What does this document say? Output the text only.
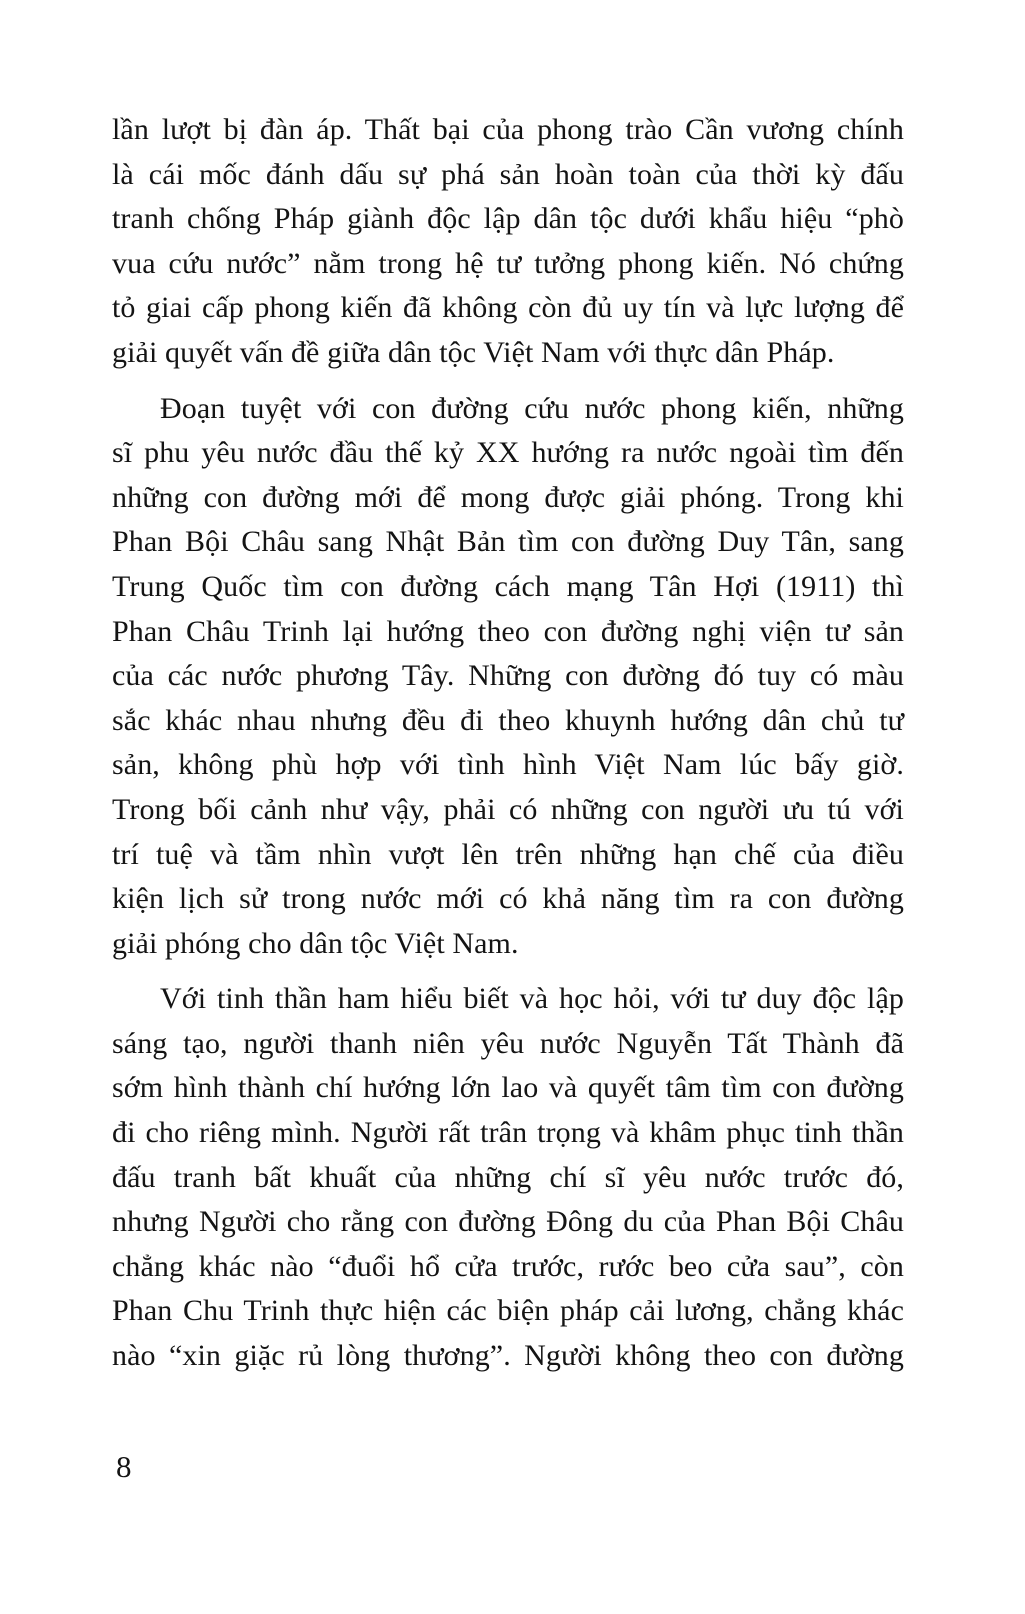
lần lượt bị đàn áp. Thất bại của phong trào Cần vương chính
là cái mốc đánh dấu sự phá sản hoàn toàn của thời kỳ đấu
tranh chống Pháp giành độc lập dân tộc dưới khẩu hiệu “phò
vua cứu nước” nằm trong hệ tư tưởng phong kiến. Nó chứng
tỏ giai cấp phong kiến đã không còn đủ uy tín và lực lượng để
giải quyết vấn đề giữa dân tộc Việt Nam với thực dân Pháp.

Đoạn tuyệt với con đường cứu nước phong kiến, những
sĩ phu yêu nước đầu thế kỷ XX hướng ra nước ngoài tìm đến
những con đường mới để mong được giải phóng. Trong khi
Phan Bội Châu sang Nhật Bản tìm con đường Duy Tân, sang
Trung Quốc tìm con đường cách mạng Tân Hợi (1911) thì
Phan Châu Trinh lại hướng theo con đường nghị viện tư sản
của các nước phương Tây. Những con đường đó tuy có màu
sắc khác nhau nhưng đều đi theo khuynh hướng dân chủ tư
sản, không phù hợp với tình hình Việt Nam lúc bấy giờ.
Trong bối cảnh như vậy, phải có những con người ưu tú với
trí tuệ và tầm nhìn vượt lên trên những hạn chế của điều
kiện lịch sử trong nước mới có khả năng tìm ra con đường
giải phóng cho dân tộc Việt Nam.

Với tinh thần ham hiểu biết và học hỏi, với tư duy độc lập
sáng tạo, người thanh niên yêu nước Nguyễn Tất Thành đã
sớm hình thành chí hướng lớn lao và quyết tâm tìm con đường
đi cho riêng mình. Người rất trân trọng và khâm phục tinh thần
đấu tranh bất khuất của những chí sĩ yêu nước trước đó,
nhưng Người cho rằng con đường Đông du của Phan Bội Châu
chẳng khác nào “đuổi hổ cửa trước, rước beo cửa sau”, còn
Phan Chu Trinh thực hiện các biện pháp cải lương, chẳng khác
nào “xin giặc rủ lòng thương”. Người không theo con đường

8
